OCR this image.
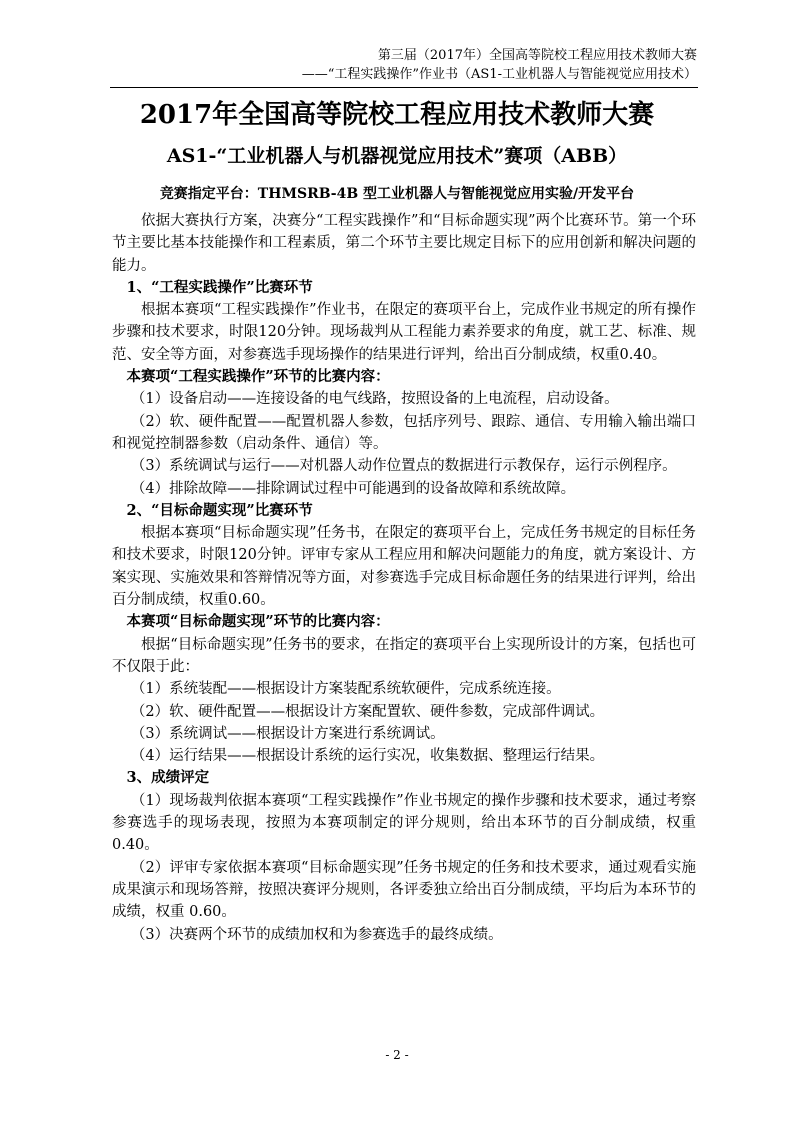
第三届（2017年）全国高等院校工程应用技术教师大赛
——“工程实践操作”作业书（AS1-工业机器人与智能视觉应用技术）
2017年全国高等院校工程应用技术教师大赛
AS1-“工业机器人与机器视觉应用技术”赛项（ABB）
竞赛指定平台：THMSRB-4B 型工业机器人与智能视觉应用实验/开发平台

依据大赛执行方案，决赛分“工程实践操作”和“目标命题实现”两个比赛环节。第一个环节主要比基本技能操作和工程素质，第二个环节主要比规定目标下的应用创新和解决问题的能力。

1、“工程实践操作”比赛环节

根据本赛项“工程实践操作”作业书，在限定的赛项平台上，完成作业书规定的所有操作步骤和技术要求，时限120分钟。现场裁判从工程能力素养要求的角度，就工艺、标准、规范、安全等方面，对参赛选手现场操作的结果进行评判，给出百分制成绩，权重0.40。

本赛项“工程实践操作”环节的比赛内容：

（1）设备启动——连接设备的电气线路，按照设备的上电流程，启动设备。

（2）软、硬件配置——配置机器人参数，包括序列号、跟踪、通信、专用输入输出端口和视觉控制器参数（启动条件、通信）等。

（3）系统调试与运行——对机器人动作位置点的数据进行示教保存，运行示例程序。

（4）排除故障——排除调试过程中可能遇到的设备故障和系统故障。

2、“目标命题实现”比赛环节

根据本赛项“目标命题实现”任务书，在限定的赛项平台上，完成任务书规定的目标任务和技术要求，时限120分钟。评审专家从工程应用和解决问题能力的角度，就方案设计、方案实现、实施效果和答辩情况等方面，对参赛选手完成目标命题任务的结果进行评判，给出百分制成绩，权重0.60。

本赛项“目标命题实现”环节的比赛内容：

根据“目标命题实现”任务书的要求，在指定的赛项平台上实现所设计的方案，包括也可不仅限于此：

（1）系统装配——根据设计方案装配系统软硬件，完成系统连接。

（2）软、硬件配置——根据设计方案配置软、硬件参数，完成部件调试。

（3）系统调试——根据设计方案进行系统调试。

（4）运行结果——根据设计系统的运行实况，收集数据、整理运行结果。

3、成绩评定

（1）现场裁判依据本赛项“工程实践操作”作业书规定的操作步骤和技术要求，通过考察参赛选手的现场表现，按照为本赛项制定的评分规则，给出本环节的百分制成绩，权重 0.40。

（2）评审专家依据本赛项“目标命题实现”任务书规定的任务和技术要求，通过观看实施成果演示和现场答辩，按照决赛评分规则，各评委独立给出百分制成绩，平均后为本环节的成绩，权重 0.60。

（3）决赛两个环节的成绩加权和为参赛选手的最终成绩。

- 2 -
